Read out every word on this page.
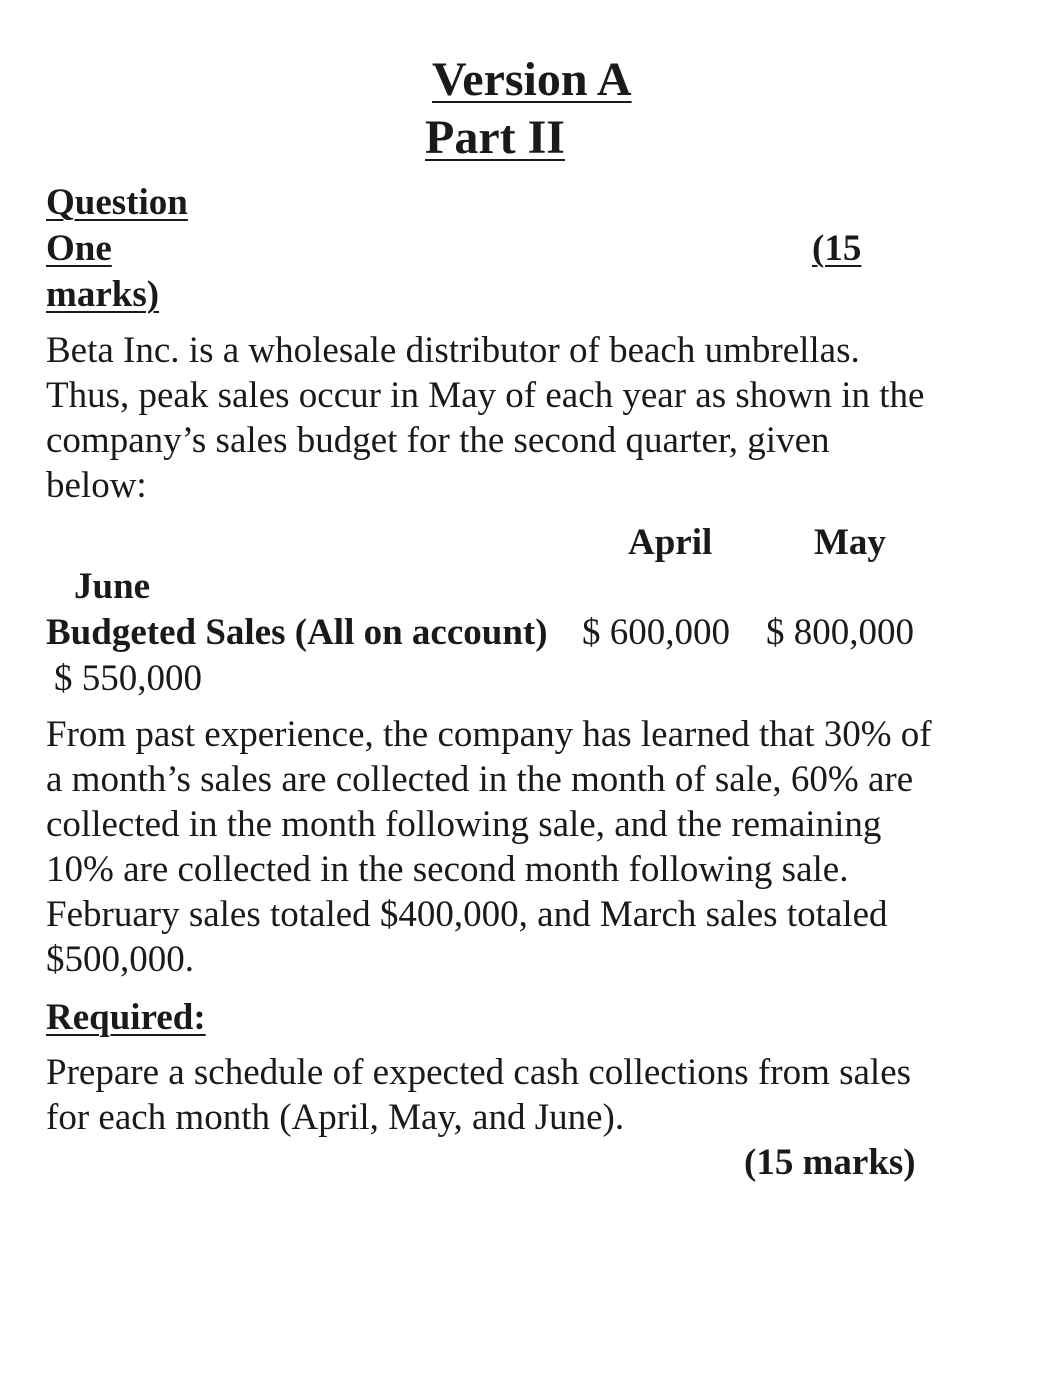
Version A
Part II
Question
One	(15
marks)
Beta Inc. is a wholesale distributor of beach umbrellas.
Thus, peak sales occur in May of each year as shown in the
company’s sales budget for the second quarter, given
below:
April	May
June
Budgeted Sales (All on account) $ 600,000 $ 800,000
$ 550,000
From past experience, the company has learned that 30% of
a month’s sales are collected in the month of sale, 60% are
collected in the month following sale, and the remaining
10% are collected in the second month following sale.
February sales totaled $400,000, and March sales totaled
$500,000.
Required:
Prepare a schedule of expected cash collections from sales
for each month (April, May, and June).
(15 marks)
